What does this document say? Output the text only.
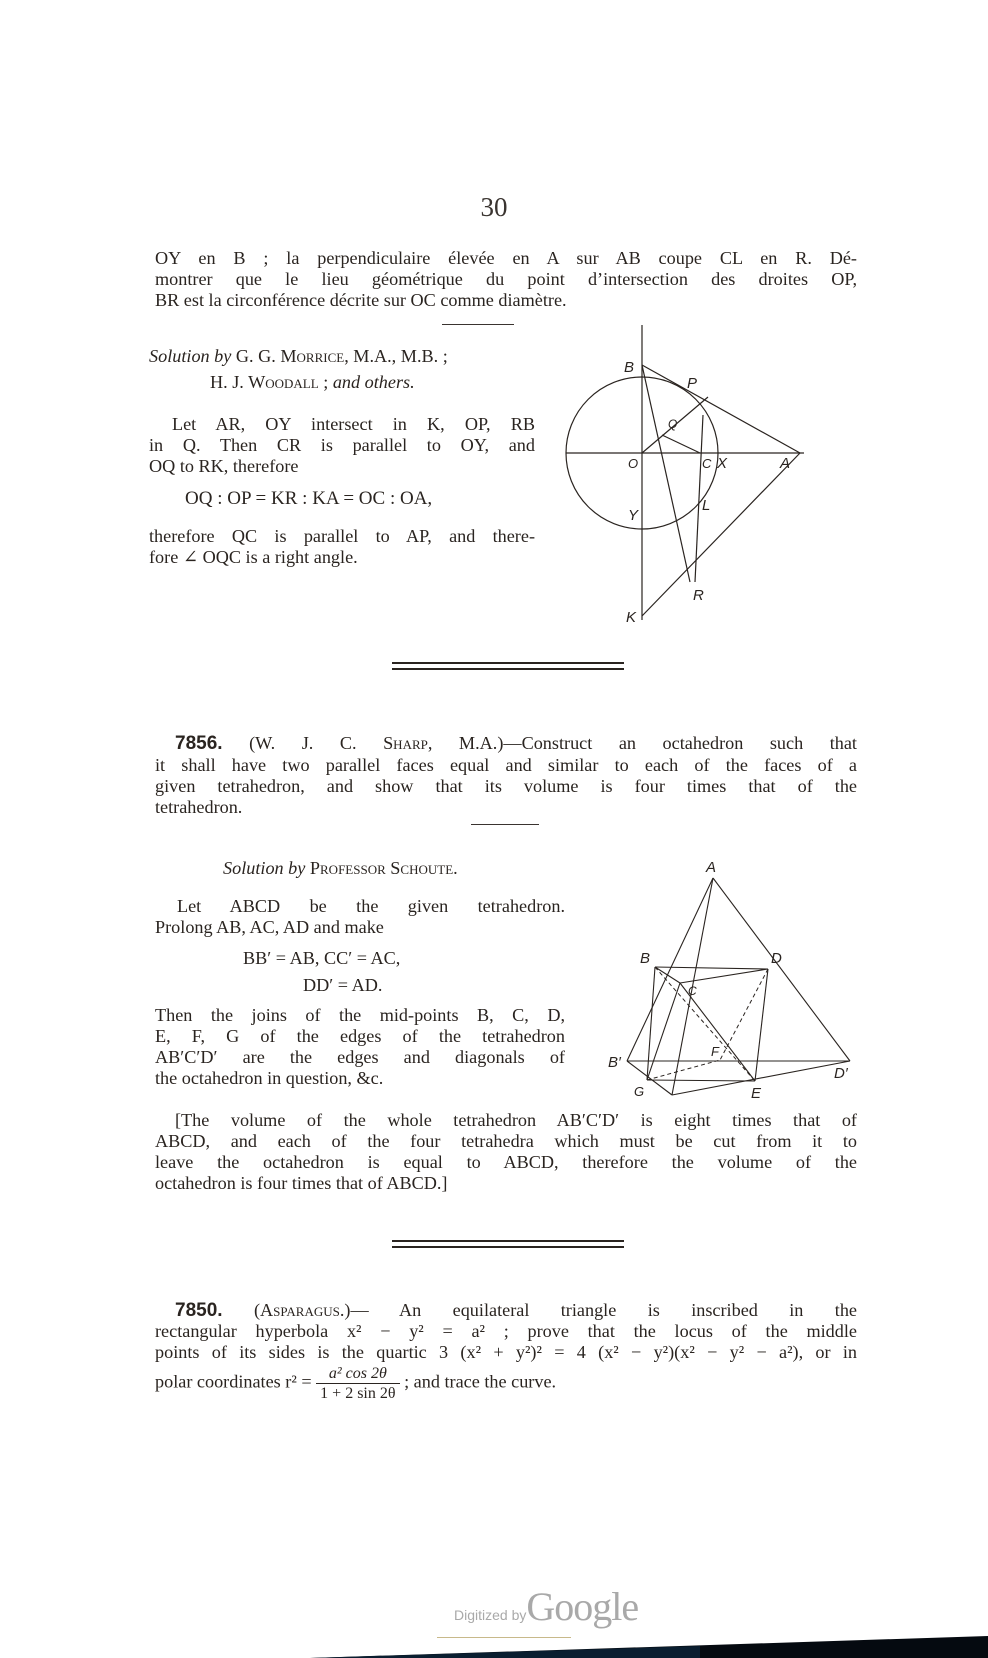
30
OY en B ; la perpendiculaire élevée en A sur AB coupe CL en R. Dé-
montrer que le lieu géométrique du point d’intersection des droites OP,
BR est la circonférence décrite sur OC comme diamètre.
Solution by G. G. Morrice, M.A., M.B. ;
H. J. Woodall ; and others.
Let AR, OY intersect in K, OP, RB
in Q. Then CR is parallel to OY, and
OQ to RK, therefore
OQ : OP = KR : KA = OC : OA,
therefore QC is parallel to AP, and there-
fore ∠ OQC is a right angle.
B
P
Q
O	C X	A
Y
L
R
K
7856. (W. J. C. Sharp, M.A.)—Construct an octahedron such that
it shall have two parallel faces equal and similar to each of the faces of a
given tetrahedron, and show that its volume is four times that of the
tetrahedron.
Solution by Professor Schoute.
Let ABCD be the given tetrahedron.
Prolong AB, AC, AD and make
BB′ = AB, CC′ = AC,
DD′ = AD.
Then the joins of the mid-points B, C, D,
E, F, G of the edges of the tetrahedron
AB′C′D′ are the edges and diagonals of
the octahedron in question, &c.
A
B	D
C
B′
F
D′
G	E
[The volume of the whole tetrahedron AB′C′D′ is eight times that of
ABCD, and each of the four tetrahedra which must be cut from it to
leave the octahedron is equal to ABCD, therefore the volume of the
octahedron is four times that of ABCD.]
7850. (Asparagus.)— An equilateral triangle is inscribed in the
rectangular hyperbola x² − y² = a² ; prove that the locus of the middle
points of its sides is the quartic 3 (x² + y²)² = 4 (x² − y²)(x² − y² − a²), or in
polar coordinates $r^2 = \frac{\text{a² cos 2θ}}{1 + 2 \sin 2\theta}$ ; and trace the curve.
Digitized byGoogle
